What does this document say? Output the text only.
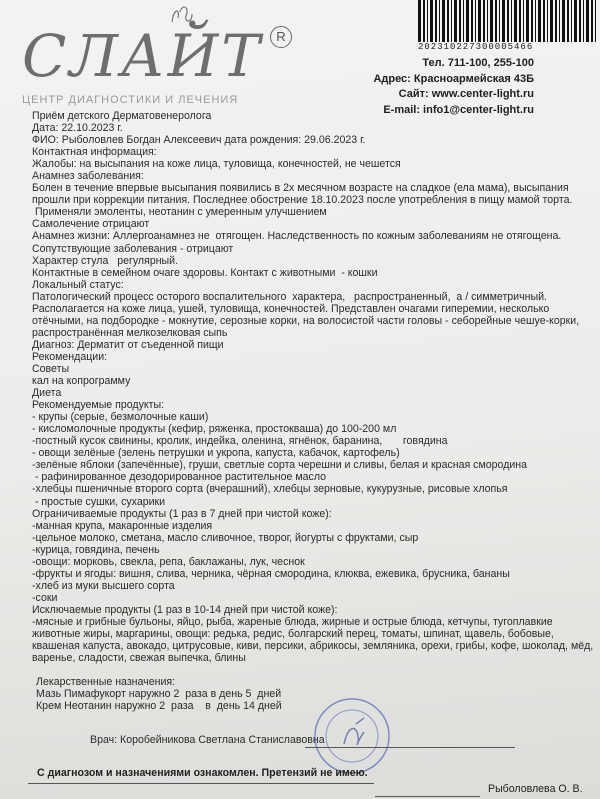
СЛАЙТ	R
ЦЕНТР ДИАГНОСТИКИ И ЛЕЧЕНИЯ
202310227300005466
Тел. 711-100, 255-100
Адрес: Красноармейская 43Б
Сайт: www.center-light.ru
E-mail: info1@center-light.ru
Приём детского Дерматовенеролога
Дата: 22.10.2023 г.
ФИО: Рыболовлев Богдан Алексеевич дата рождения: 29.06.2023 г.
Контактная информация:
Жалобы: на высыпания на коже лица, туловища, конечностей, не чешется
Анамнез заболевания:
Болен в течение впервые высыпания появились в 2х месячном возрасте на сладкое (ела мама), высыпания
прошли при коррекции питания. Последнее обострение 18.10.2023 после употребления в пищу мамой торта.
Применяли эмоленты, неотанин с умеренным улучшением
Самолечение отрицают
Анамнез жизни: Аллергоанамнез не  отягощен. Наследственность по кожным заболеваниям не отягощена.
Сопутствующие заболевания - отрицают
Характер стула   регулярный.
Контактные в семейном очаге здоровы. Контакт с животными  - кошки
Локальный статус:
Патологический процесс осторого воспалительного  характера,   распространенный,  а / симметричный.
Располагается на коже лица, ушей, туловища, конечностей. Представлен очагами гиперемии, несколько
отёчными, на подбородке - мокнутие, серозные корки, на волосистой части головы - себорейные чешуе-корки,
распространённая мелкозелковая сыпь
Диагноз: Дерматит от съеденной пищи
Рекомендации:
Советы
кал на копрограмму
Диета
Рекомендуемые продукты:
- крупы (серые, безмолочные каши)
- кисломолочные продукты (кефир, ряженка, простокваша) до 100-200 мл
-постный кусок свинины, кролик, индейка, оленина, ягнёнок, баранина,       говядина
- овощи зелёные (зелень петрушки и укропа, капуста, кабачок, картофель)
-зелёные яблоки (запечённые), груши, светлые сорта черешни и сливы, белая и красная смородина
- рафинированное дезодорированное растительное масло
-хлебцы пшеничные второго сорта (вчерашний), хлебцы зерновые, кукурузные, рисовые хлопья
- простые сушки, сухарики
Ограничиваемые продукты (1 раз в 7 дней при чистой коже):
-манная крупа, макаронные изделия
-цельное молоко, сметана, масло сливочное, творог, йогурты с фруктами, сыр
-курица, говядина, печень
-овощи: морковь, свекла, репа, баклажаны, лук, чеснок
-фрукты и ягоды: вишня, слива, черника, чёрная смородина, клюква, ежевика, брусника, бананы
-хлеб из муки высшего сорта
-соки
Исключаемые продукты (1 раз в 10-14 дней при чистой коже):
-мясные и грибные бульоны, яйцо, рыба, жареные блюда, жирные и острые блюда, кетчупы, тугоплавкие
животные жиры, маргарины, овощи: редька, редис, болгарский перец, томаты, шпинат, щавель, бобовые,
квашеная капуста, авокадо, цитрусовые, киви, персики, абрикосы, земляника, орехи, грибы, кофе, шоколад, мёд,
варенье, сладости, свежая выпечка, блины
Лекарственные назначения:
Мазь Пимафукорт наружно 2  раза в день 5  дней
Крем Неотанин наружно 2  раза    в  день 14 дней
Врач: Коробейникова Светлана Станиславовна
С диагнозом и назначениями ознакомлен. Претензий не имею.
Рыболовлева О. В.
